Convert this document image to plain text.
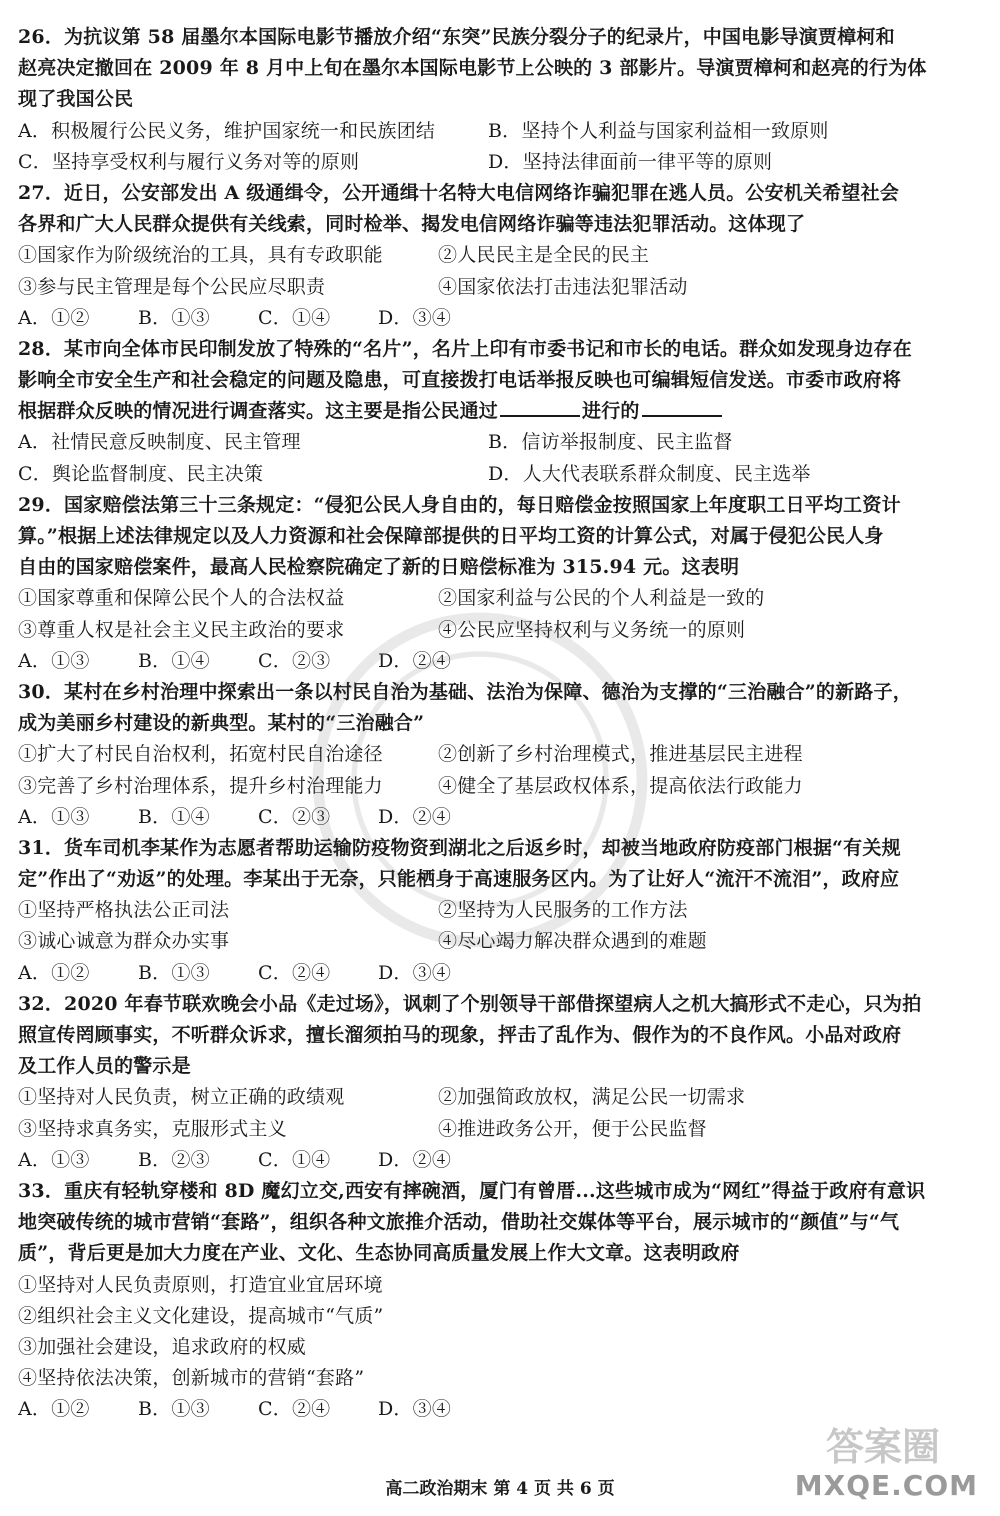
26．为抗议第 58 届墨尔本国际电影节播放介绍“东突”民族分裂分子的纪录片，中国电影导演贾樟柯和
赵亮决定撤回在 2009 年 8 月中上旬在墨尔本国际电影节上公映的 3 部影片。导演贾樟柯和赵亮的行为体
现了我国公民
A．积极履行公民义务，维护国家统一和民族团结	B．坚持个人利益与国家利益相一致原则
C．坚持享受权利与履行义务对等的原则	D．坚持法律面前一律平等的原则
27．近日，公安部发出 A 级通缉令，公开通缉十名特大电信网络诈骗犯罪在逃人员。公安机关希望社会
各界和广大人民群众提供有关线索，同时检举、揭发电信网络诈骗等违法犯罪活动。这体现了
①国家作为阶级统治的工具，具有专政职能	②人民民主是全民的民主
③参与民主管理是每个公民应尽职责	④国家依法打击违法犯罪活动
A．①②	B．①③	C．①④	D．③④
28．某市向全体市民印制发放了特殊的“名片”，名片上印有市委书记和市长的电话。群众如发现身边存在
影响全市安全生产和社会稳定的问题及隐患，可直接拨打电话举报反映也可编辑短信发送。市委市政府将
根据群众反映的情况进行调查落实。这主要是指公民通过	进行的
A．社情民意反映制度、民主管理	B．信访举报制度、民主监督
C．舆论监督制度、民主决策	D．人大代表联系群众制度、民主选举
29．国家赔偿法第三十三条规定：“侵犯公民人身自由的，每日赔偿金按照国家上年度职工日平均工资计
算。”根据上述法律规定以及人力资源和社会保障部提供的日平均工资的计算公式，对属于侵犯公民人身
自由的国家赔偿案件，最高人民检察院确定了新的日赔偿标准为 315.94 元。这表明
①国家尊重和保障公民个人的合法权益	②国家利益与公民的个人利益是一致的
③尊重人权是社会主义民主政治的要求	④公民应坚持权利与义务统一的原则
A．①③	B．①④	C．②③	D．②④
30．某村在乡村治理中探索出一条以村民自治为基础、法治为保障、德治为支撑的“三治融合”的新路子，
成为美丽乡村建设的新典型。某村的“三治融合”
①扩大了村民自治权利，拓宽村民自治途径	②创新了乡村治理模式，推进基层民主进程
③完善了乡村治理体系，提升乡村治理能力	④健全了基层政权体系，提高依法行政能力
A．①③	B．①④	C．②③	D．②④
31．货车司机李某作为志愿者帮助运输防疫物资到湖北之后返乡时，却被当地政府防疫部门根据“有关规
定”作出了“劝返”的处理。李某出于无奈，只能栖身于高速服务区内。为了让好人“流汗不流泪”，政府应
①坚持严格执法公正司法	②坚持为人民服务的工作方法
③诚心诚意为群众办实事	④尽心竭力解决群众遇到的难题
A．①②	B．①③	C．②④	D．③④
32．2020 年春节联欢晚会小品《走过场》，讽刺了个别领导干部借探望病人之机大搞形式不走心，只为拍
照宣传罔顾事实，不听群众诉求，擅长溜须拍马的现象，抨击了乱作为、假作为的不良作风。小品对政府
及工作人员的警示是
①坚持对人民负责，树立正确的政绩观	②加强简政放权，满足公民一切需求
③坚持求真务实，克服形式主义	④推进政务公开，便于公民监督
A．①③	B．②③	C．①④	D．②④
33．重庆有轻轨穿楼和 8D 魔幻立交,西安有摔碗酒，厦门有曾厝...这些城市成为“网红”得益于政府有意识
地突破传统的城市营销“套路”，组织各种文旅推介活动，借助社交媒体等平台，展示城市的“颜值”与“气
质”，背后更是加大力度在产业、文化、生态协同高质量发展上作大文章。这表明政府
①坚持对人民负责原则，打造宜业宜居环境
②组织社会主义文化建设，提高城市“气质”
③加强社会建设，追求政府的权威
④坚持依法决策，创新城市的营销“套路”
A．①②	B．①③	C．②④	D．③④
高二政治期末 第 4 页 共 6 页
答案圈
MXQE.COM
